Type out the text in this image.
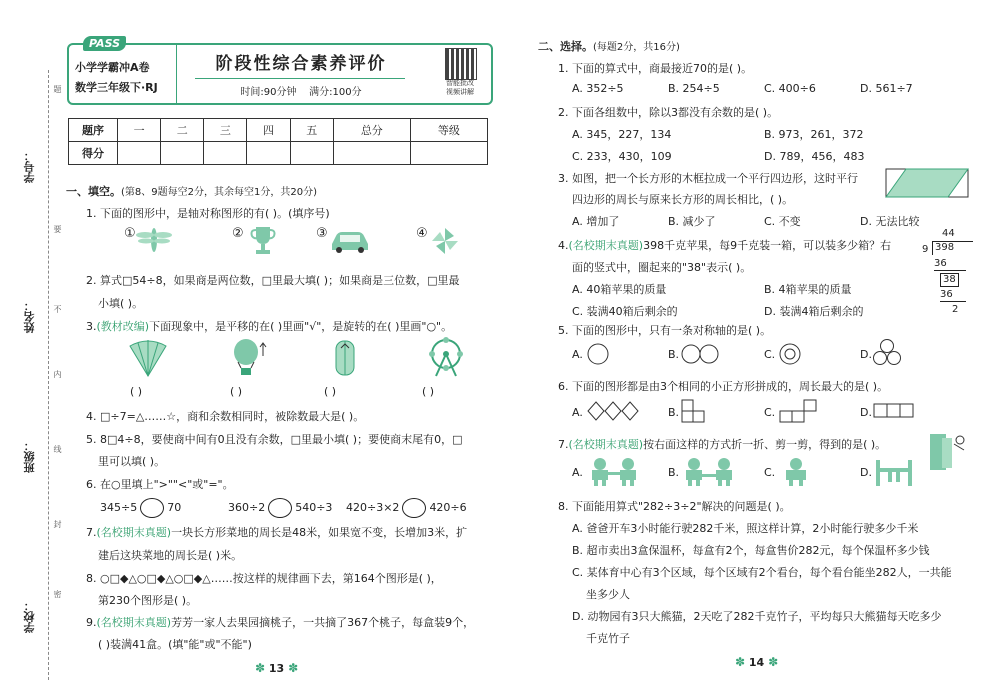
学号：
姓名：
班级：
学校：
题
要
不
内
线
封
密
PASS
小学学霸冲A卷
数学三年级下·RJ
阶段性综合素养评价
时间:90分钟 满分:100分
智能批改
视频讲解
题序	一	二	三	四	五	总分	等级
得分							
一、填空。(第8、9题每空2分，其余每空1分，共20分)
1. 下面的图形中，是轴对称图形的有( )。(填序号)
①	②	③	④
2. 算式□54÷8，如果商是两位数，□里最大填( )；如果商是三位数，□里最
小填( )。
3.(教材改编)下面现象中，是平移的在( )里画"√"，是旋转的在( )里画"○"。
( )	( )	( )	( )
4. □÷7=△……☆，商和余数相同时，被除数最大是( )。
5. 8□4÷8，要使商中间有0且没有余数，□里最小填( )；要使商末尾有0，□
里可以填( )。
6. 在○里填上">""<"或"="。
345÷5	70	360÷2	540÷3 420÷3×2	420÷6
7.(名校期末真题)一块长方形菜地的周长是48米，如果宽不变，长增加3米，扩
建后这块菜地的周长是( )米。
8. ○□◆△○□◆△○□◆△……按这样的规律画下去，第164个图形是( )，
第230个图形是( )。
9.(名校期末真题)芳芳一家人去果园摘桃子，一共摘了367个桃子，每盒装9个，
( )装满41盒。(填"能"或"不能")
✽ 13 ✽
二、选择。(每题2分，共16分)
1. 下面的算式中，商最接近70的是( )。
A. 352÷5	B. 254÷5	C. 400÷6	D. 561÷7
2. 下面各组数中，除以3都没有余数的是( )。
A. 345，227，134	B. 973，261，372
C. 233，430，109	D. 789，456，483
3. 如图，把一个长方形的木框拉成一个平行四边形，这时平行
四边形的周长与原来长方形的周长相比，( )。
A. 增加了	B. 减少了	C. 不变	D. 无法比较
4.(名校期末真题)398千克苹果，每9千克装一箱，可以装多少箱？右
面的竖式中，圈起来的"38"表示( )。
A. 40箱苹果的质量	B. 4箱苹果的质量
C. 装满40箱后剩余的	D. 装满4箱后剩余的
44
9 398
36
38
36
2
5. 下面的图形中，只有一条对称轴的是( )。
A.	B.	C.	D.
6. 下面的图形都是由3个相同的小正方形拼成的，周长最大的是( )。
A.	B.	C.	D.
7.(名校期末真题)按右面这样的方式折一折、剪一剪，得到的是( )。
A.	B.	C.	D.
8. 下面能用算式"282÷3÷2"解决的问题是( )。
A. 爸爸开车3小时能行驶282千米，照这样计算，2小时能行驶多少千米
B. 超市卖出3盒保温杯，每盒有2个，每盒售价282元，每个保温杯多少钱
C. 某体育中心有3个区域，每个区域有2个看台，每个看台能坐282人，一共能
坐多少人
D. 动物园有3只大熊猫，2天吃了282千克竹子，平均每只大熊猫每天吃多少
千克竹子
✽ 14 ✽
